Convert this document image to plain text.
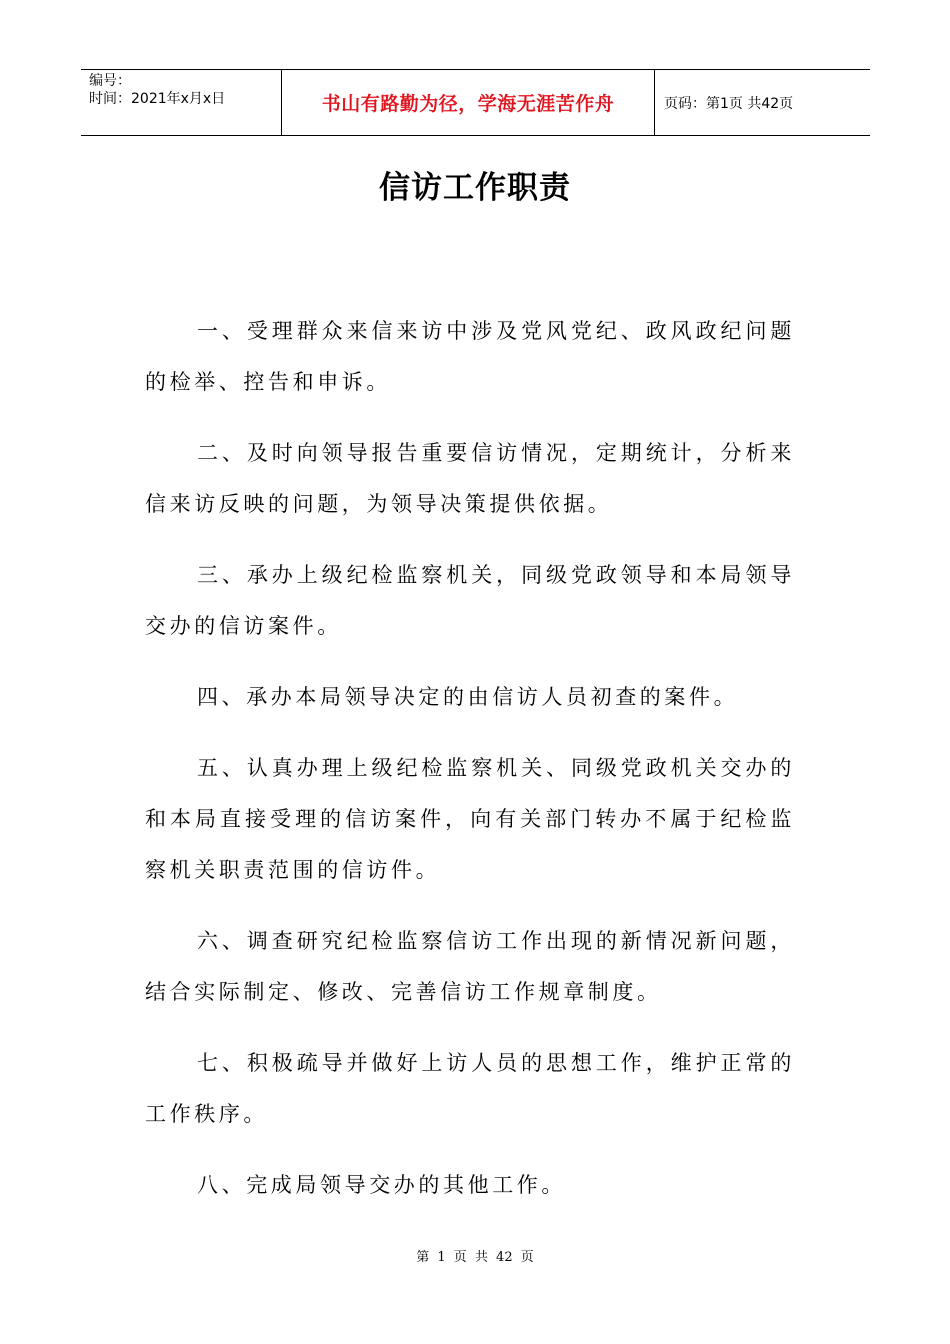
编号：
时间：2021年x月x日	书山有路勤为径，学海无涯苦作舟	页码：第1页 共42页
信访工作职责

一、受理群众来信来访中涉及党风党纪、政风政纪问题的检举、控告和申诉。

二、及时向领导报告重要信访情况，定期统计，分析来信来访反映的问题，为领导决策提供依据。

三、承办上级纪检监察机关，同级党政领导和本局领导交办的信访案件。

四、承办本局领导决定的由信访人员初查的案件。

五、认真办理上级纪检监察机关、同级党政机关交办的和本局直接受理的信访案件，向有关部门转办不属于纪检监察机关职责范围的信访件。

六、调查研究纪检监察信访工作出现的新情况新问题，结合实际制定、修改、完善信访工作规章制度。

七、积极疏导并做好上访人员的思想工作，维护正常的工作秩序。

八、完成局领导交办的其他工作。

第 1 页 共 42 页
